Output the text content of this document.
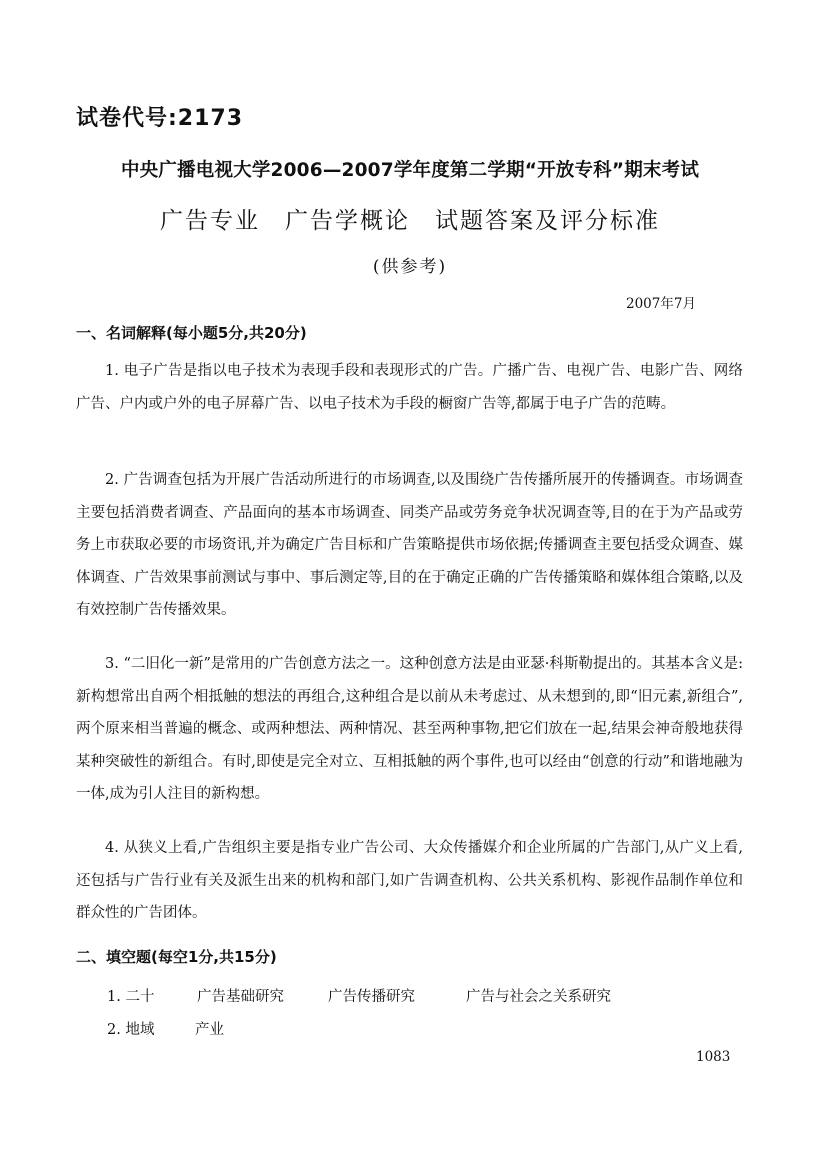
试卷代号:2173
中央广播电视大学2006—2007学年度第二学期“开放专科”期末考试
广告专业　广告学概论　试题答案及评分标准
(供参考)
2007年7月
一、名词解释(每小题5分,共20分)

1. 电子广告是指以电子技术为表现手段和表现形式的广告。广播广告、电视广告、电影广告、网络广告、户内或户外的电子屏幕广告、以电子技术为手段的橱窗广告等,都属于电子广告的范畴。

2. 广告调查包括为开展广告活动所进行的市场调查,以及围绕广告传播所展开的传播调查。市场调查主要包括消费者调查、产品面向的基本市场调查、同类产品或劳务竞争状况调查等,目的在于为产品或劳务上市获取必要的市场资讯,并为确定广告目标和广告策略提供市场依据;传播调查主要包括受众调查、媒体调查、广告效果事前测试与事中、事后测定等,目的在于确定正确的广告传播策略和媒体组合策略,以及有效控制广告传播效果。

3. “二旧化一新”是常用的广告创意方法之一。这种创意方法是由亚瑟·科斯勒提出的。其基本含义是:新构想常出自两个相抵触的想法的再组合,这种组合是以前从未考虑过、从未想到的,即“旧元素,新组合”,两个原来相当普遍的概念、或两种想法、两种情况、甚至两种事物,把它们放在一起,结果会神奇般地获得某种突破性的新组合。有时,即使是完全对立、互相抵触的两个事件,也可以经由“创意的行动”和谐地融为一体,成为引人注目的新构想。

4. 从狭义上看,广告组织主要是指专业广告公司、大众传播媒介和企业所属的广告部门,从广义上看,还包括与广告行业有关及派生出来的机构和部门,如广告调查机构、公共关系机构、影视作品制作单位和群众性的广告团体。

二、填空题(每空1分,共15分)
1. 二十	广告基础研究	广告传播研究	广告与社会之关系研究
2. 地域	产业
1083
